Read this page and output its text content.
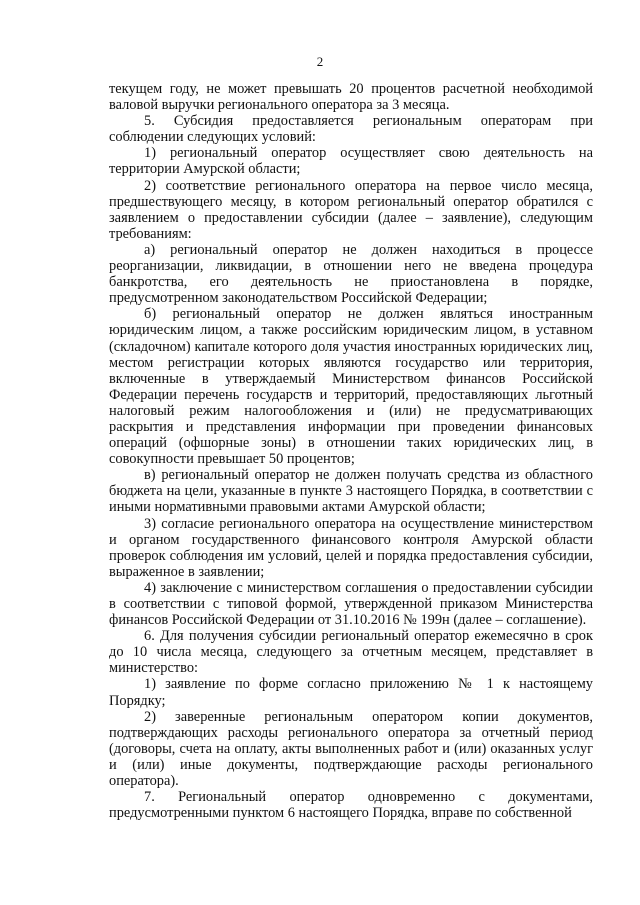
2

текущем году, не может превышать 20 процентов расчетной необходимой валовой выручки регионального оператора за 3 месяца.

5. Субсидия предоставляется региональным операторам при соблюдении следующих условий:

1) региональный оператор осуществляет свою деятельность на территории Амурской области;

2) соответствие регионального оператора на первое число месяца, предшествующего месяцу, в котором региональный оператор обратился с заявлением о предоставлении субсидии (далее – заявление), следующим требованиям:

а) региональный оператор не должен находиться в процессе реорганизации, ликвидации, в отношении него не введена процедура банкротства, его деятельность не приостановлена в порядке, предусмотренном законодательством Российской Федерации;

б) региональный оператор не должен являться иностранным юридическим лицом, а также российским юридическим лицом, в уставном (складочном) капитале которого доля участия иностранных юридических лиц, местом регистрации которых являются государство или территория, включенные в утверждаемый Министерством финансов Российской Федерации перечень государств и территорий, предоставляющих льготный налоговый режим налогообложения и (или) не предусматривающих раскрытия и представления информации при проведении финансовых операций (офшорные зоны) в отношении таких юридических лиц, в совокупности превышает 50 процентов;

в) региональный оператор не должен получать средства из областного бюджета на цели, указанные в пункте 3 настоящего Порядка, в соответствии с иными нормативными правовыми актами Амурской области;

3) согласие регионального оператора на осуществление министерством и органом государственного финансового контроля Амурской области проверок соблюдения им условий, целей и порядка предоставления субсидии, выраженное в заявлении;

4) заключение с министерством соглашения о предоставлении субсидии в соответствии с типовой формой, утвержденной приказом Министерства финансов Российской Федерации от 31.10.2016 № 199н (далее – соглашение).

6. Для получения субсидии региональный оператор ежемесячно в срок до 10 числа месяца, следующего за отчетным месяцем, представляет в министерство:

1) заявление по форме согласно приложению № 1 к настоящему Порядку;

2) заверенные региональным оператором копии документов, подтверждающих расходы регионального оператора за отчетный период (договоры, счета на оплату, акты выполненных работ и (или) оказанных услуг и (или) иные документы, подтверждающие расходы регионального оператора).

7. Региональный оператор одновременно с документами, предусмотренными пунктом 6 настоящего Порядка, вправе по собственной
